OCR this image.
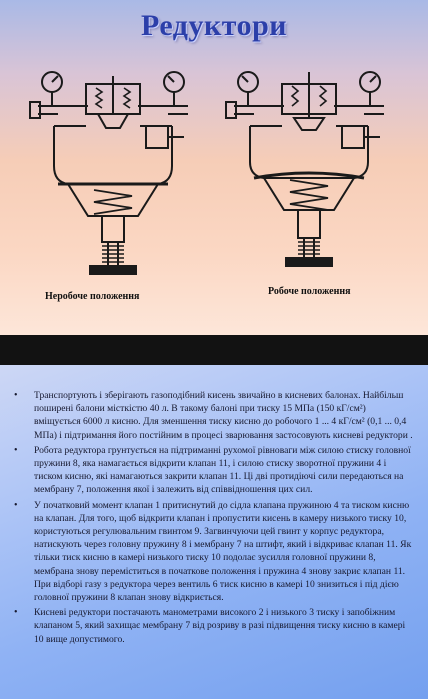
Редуктори
Неробоче положення	Робоче положення
• Транспортують і зберігають газоподібний кисень звичайно в кисневих балонах. Найбільш поширені балони місткістю 40 л. В такому балоні при тиску 15 МПа (150 кГ/см²) вміщується 6000 л кисню. Для зменшення тиску кисню до робочого 1 ... 4 кГ/см² (0,1 ... 0,4 МПа) і підтримання його постійним в процесі зварювання застосовують кисневі редуктори .
• Робота редуктора грунтується на підтриманні рухомої рівноваги між силою стиску головної пружини 8, яка намагається відкрити клапан 11, і силою стиску зворотної пружини 4 і тиском кисню, які намагаються закрити клапан 11. Ці дві протидіючі сили передаються на мембрану 7, положення якої і залежить від співвідношення цих сил.
• У початковий момент клапан 1 притиснутий до сідла клапана пружиною 4 та тиском кисню на клапан. Для того, щоб відкрити клапан і пропустити кисень в камеру низького тиску 10, користуються регулювальним гвинтом 9. Загвинчуючи цей гвинт у корпус редуктора, натискують через головну пружину 8 і мембрану 7 на штифт, який і відкриває клапан 11. Як тільки тиск кисню в камері низького тиску 10 подолає зусилля головної пружини 8, мембрана знову переміститься в початкове положення і пружина 4 знову закриє клапан 11. При відборі газу з редуктора через вентиль 6 тиск кисню в камері 10 знизиться і під дією головної пружини 8 клапан знову відкриється.
• Кисневі редуктори постачають манометрами високого 2 і низького 3 тиску і запобіжним клапаном 5, який захищає мембрану 7 від розриву в разі підвищення тиску кисню в камері 10 вище допустимого.
